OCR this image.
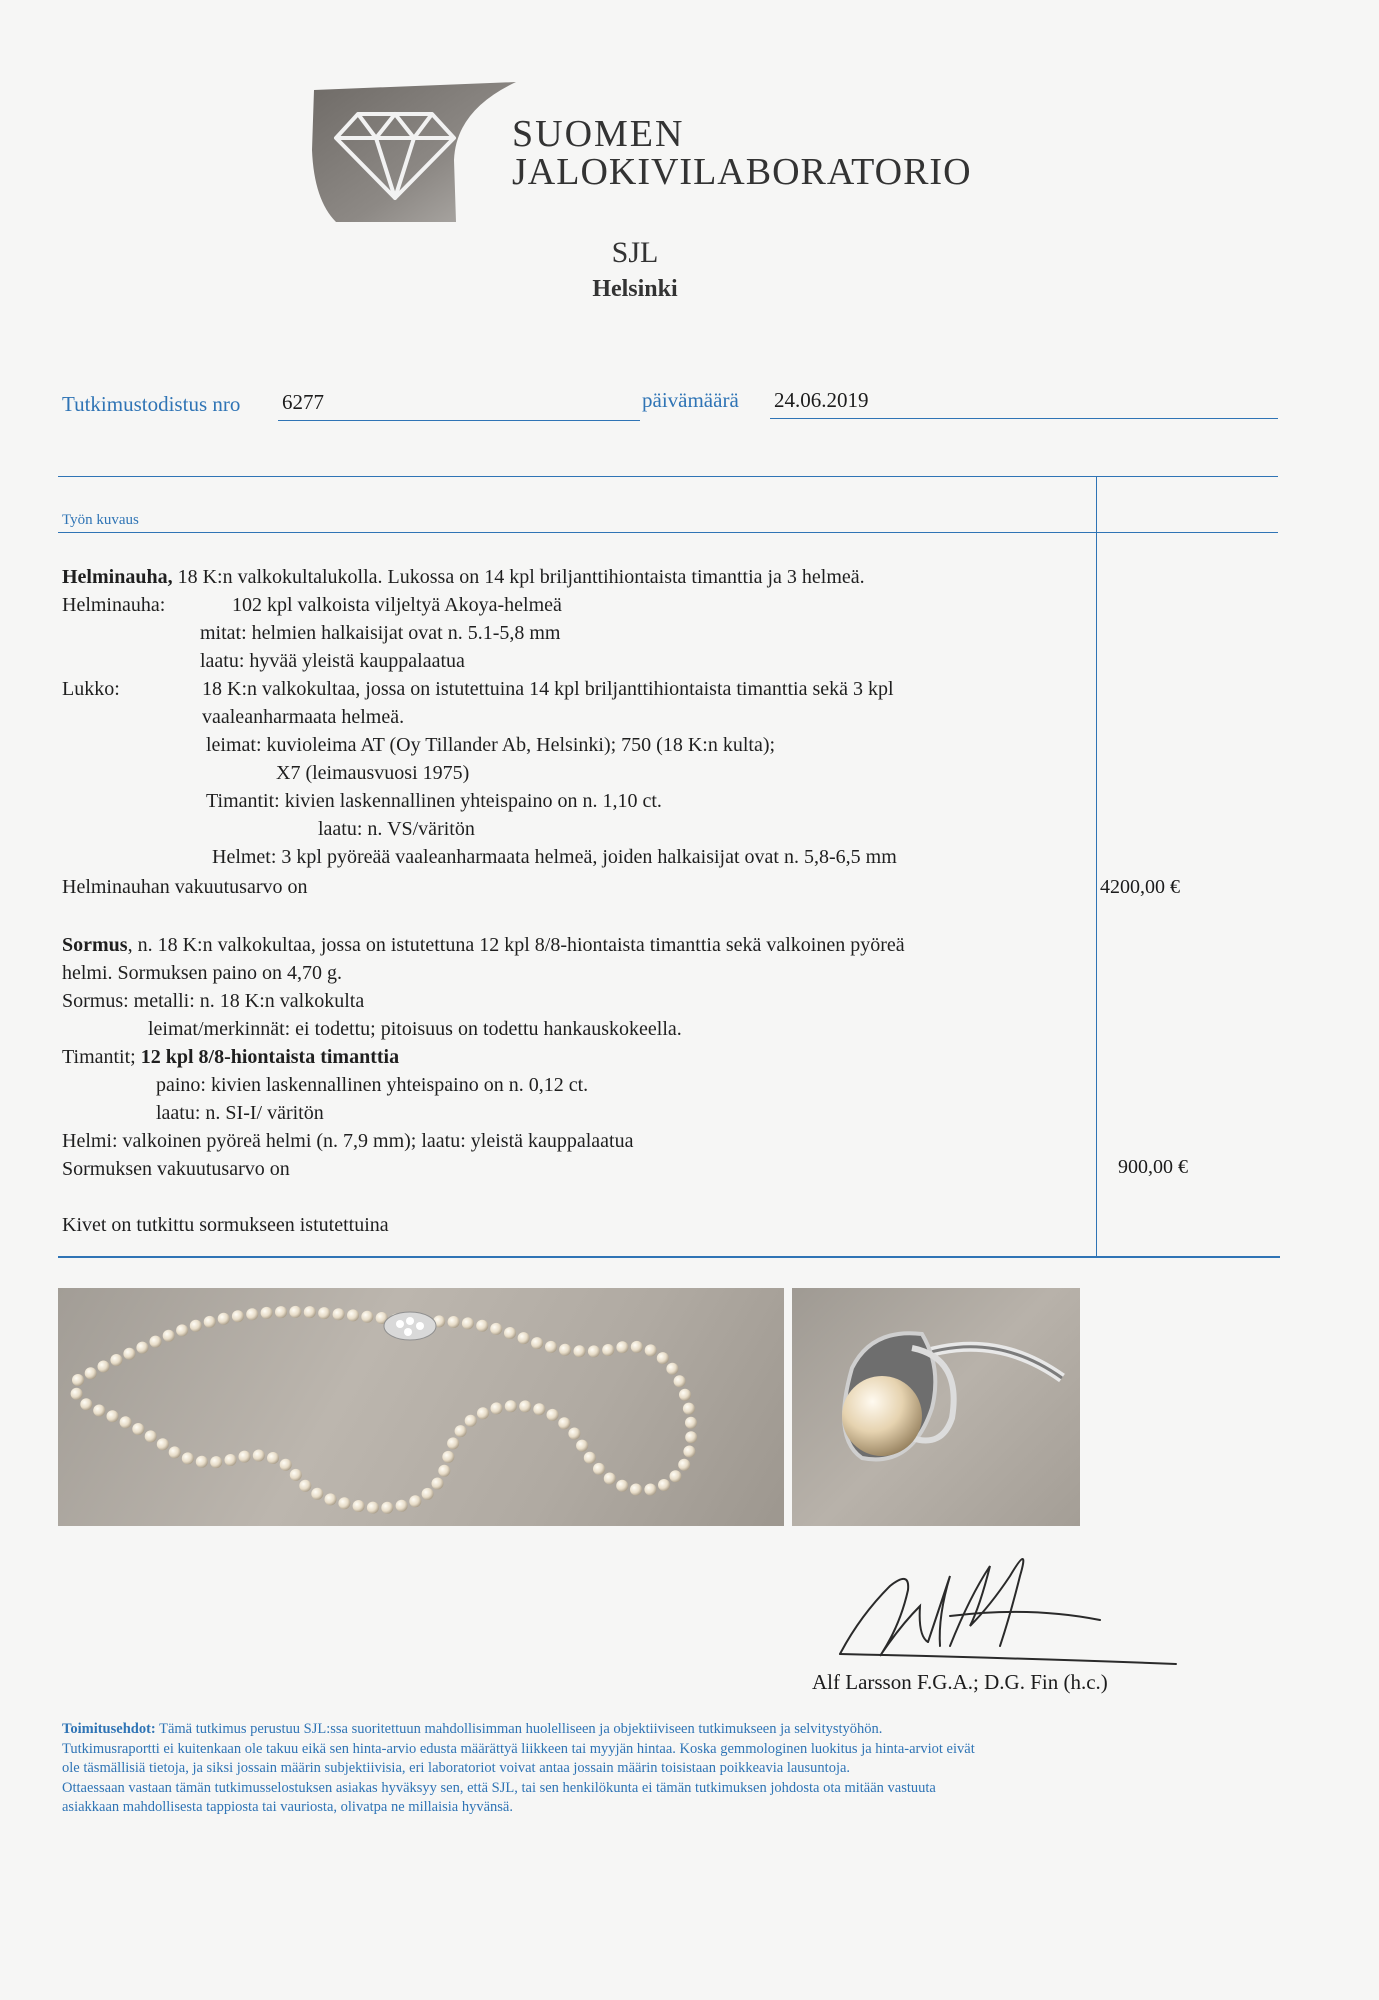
SUOMEN
JALOKIVILABORATORIO
SJL
Helsinki
Tutkimustodistus nro 6277	päivämäärä 24.06.2019
Työn kuvaus
Helminauha, 18 K:n valkokultalukolla. Lukossa on 14 kpl briljanttihiontaista timanttia ja 3 helmeä.
Helminauha:	102 kpl valkoista viljeltyä Akoya-helmeä
mitat: helmien halkaisijat ovat n. 5.1-5,8 mm
laatu: hyvää yleistä kauppalaatua
Lukko:	18 K:n valkokultaa, jossa on istutettuina 14 kpl briljanttihiontaista timanttia sekä 3 kpl
vaaleanharmaata helmeä.
leimat: kuvioleima AT (Oy Tillander Ab, Helsinki); 750 (18 K:n kulta);
X7 (leimausvuosi 1975)
Timantit: kivien laskennallinen yhteispaino on n. 1,10 ct.
laatu: n. VS/väritön
Helmet: 3 kpl pyöreää vaaleanharmaata helmeä, joiden halkaisijat ovat n. 5,8-6,5 mm
Helminauhan vakuutusarvo on	4200,00 €
Sormus, n. 18 K:n valkokultaa, jossa on istutettuna 12 kpl 8/8-hiontaista timanttia sekä valkoinen pyöreä
helmi. Sormuksen paino on 4,70 g.
Sormus: metalli: n. 18 K:n valkokulta
leimat/merkinnät: ei todettu; pitoisuus on todettu hankauskokeella.
Timantit; 12 kpl 8/8-hiontaista timanttia
paino: kivien laskennallinen yhteispaino on n. 0,12 ct.
laatu: n. SI-I/ väritön
Helmi: valkoinen pyöreä helmi (n. 7,9 mm); laatu: yleistä kauppalaatua
Sormuksen vakuutusarvo on	900,00 €
Kivet on tutkittu sormukseen istutettuina
Alf Larsson F.G.A.; D.G. Fin (h.c.)
Toimitusehdot: Tämä tutkimus perustuu SJL:ssa suoritettuun mahdollisimman huolelliseen ja objektiiviseen tutkimukseen ja selvitystyöhön.
Tutkimusraportti ei kuitenkaan ole takuu eikä sen hinta-arvio edusta määrättyä liikkeen tai myyjän hintaa. Koska gemmologinen luokitus ja hinta-arviot eivät
ole täsmällisiä tietoja, ja siksi jossain määrin subjektiivisia, eri laboratoriot voivat antaa jossain määrin toisistaan poikkeavia lausuntoja.
Ottaessaan vastaan tämän tutkimusselostuksen asiakas hyväksyy sen, että SJL, tai sen henkilökunta ei tämän tutkimuksen johdosta ota mitään vastuuta
asiakkaan mahdollisesta tappiosta tai vauriosta, olivatpa ne millaisia hyvänsä.
